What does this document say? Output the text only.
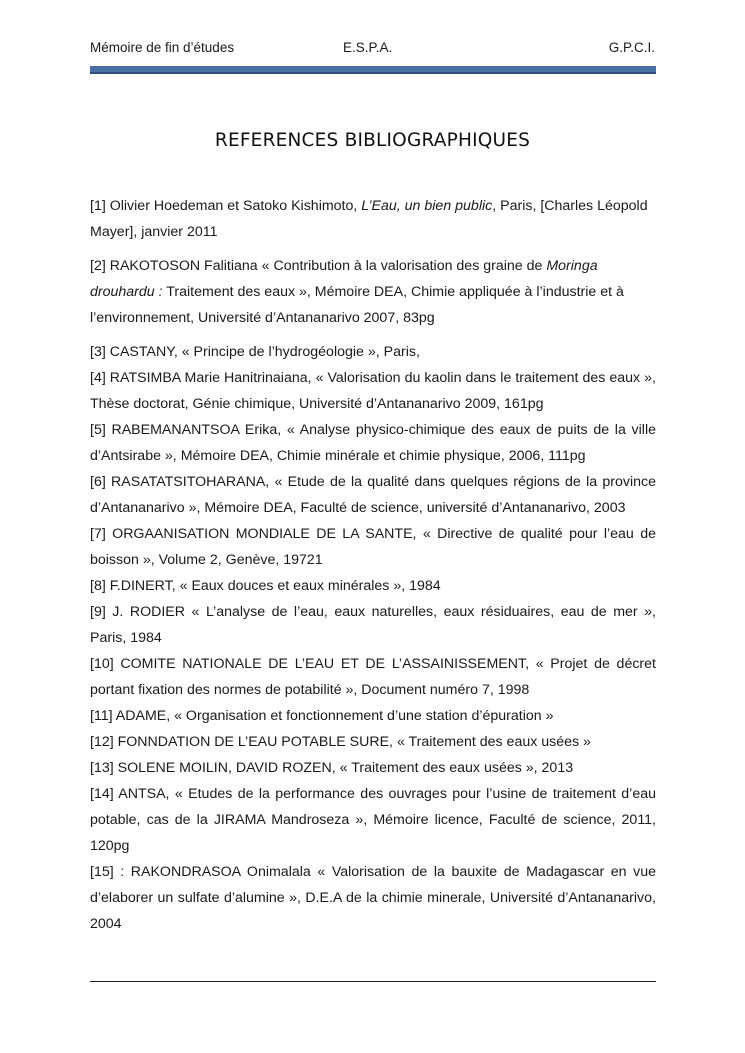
Mémoire de fin d’études	E.S.P.A.	G.P.C.I.
REFERENCES BIBLIOGRAPHIQUES

[1] Olivier Hoedeman et Satoko Kishimoto, L’Eau, un bien public, Paris, [Charles Léopold Mayer], janvier 2011

[2] RAKOTOSON Falitiana « Contribution à la valorisation des graine de Moringa drouhardu : Traitement des eaux », Mémoire DEA, Chimie appliquée à l’industrie et à l’environnement, Université d’Antananarivo 2007, 83pg

[3] CASTANY, « Principe de l’hydrogéologie », Paris,

[4] RATSIMBA Marie Hanitrinaiana, « Valorisation du kaolin dans le traitement des eaux », Thèse doctorat, Génie chimique, Université d’Antananarivo 2009, 161pg

[5] RABEMANANTSOA Erika, « Analyse physico-chimique des eaux de puits de la ville d’Antsirabe », Mémoire DEA, Chimie minérale et chimie physique, 2006, 111pg

[6] RASATATSITOHARANA, « Etude de la qualité dans quelques régions de la province d’Antananarivo », Mémoire DEA, Faculté de science, université d’Antananarivo, 2003

[7] ORGAANISATION MONDIALE DE LA SANTE, « Directive de qualité pour l’eau de boisson », Volume 2, Genève, 19721

[8] F.DINERT, « Eaux douces et eaux minérales », 1984

[9] J. RODIER « L’analyse de l’eau, eaux naturelles, eaux résiduaires, eau de mer », Paris, 1984

[10] COMITE NATIONALE DE L’EAU ET DE L’ASSAINISSEMENT, « Projet de décret portant fixation des normes de potabilité », Document numéro 7, 1998

[11] ADAME, « Organisation et fonctionnement d’une station d’épuration »

[12] FONNDATION DE L’EAU POTABLE SURE, « Traitement des eaux usées »

[13] SOLENE MOILIN, DAVID ROZEN, « Traitement des eaux usées », 2013

[14] ANTSA, « Etudes de la performance des ouvrages pour l’usine de traitement d’eau potable, cas de la JIRAMA Mandroseza », Mémoire licence, Faculté de science, 2011, 120pg

[15] : RAKONDRASOA Onimalala « Valorisation de la bauxite de Madagascar en vue d’elaborer un sulfate d’alumine », D.E.A de la chimie minerale, Université d’Antananarivo, 2004
